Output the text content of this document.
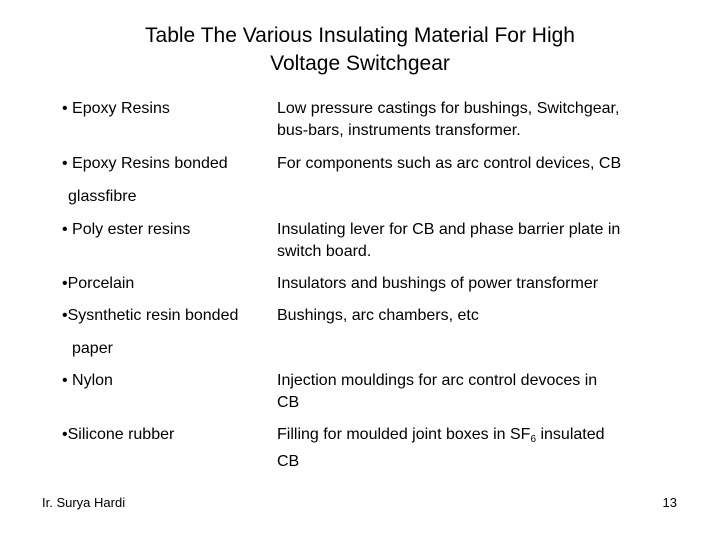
Table The Various Insulating Material For High
Voltage Switchgear
• Epoxy Resins	Low pressure castings for bushings, Switchgear,
bus-bars, instruments transformer.
• Epoxy Resins bonded	For components such as arc control devices, CB
glassfibre
• Poly ester resins	Insulating lever for CB and phase barrier plate in
switch board.
•Porcelain	Insulators and bushings of power transformer
•Sysnthetic resin bonded	Bushings, arc chambers, etc
paper
• Nylon	Injection mouldings for arc control devoces in
CB
•Silicone rubber	Filling for moulded joint boxes in $SF_6$ insulated
CB
Ir. Surya Hardi	13
